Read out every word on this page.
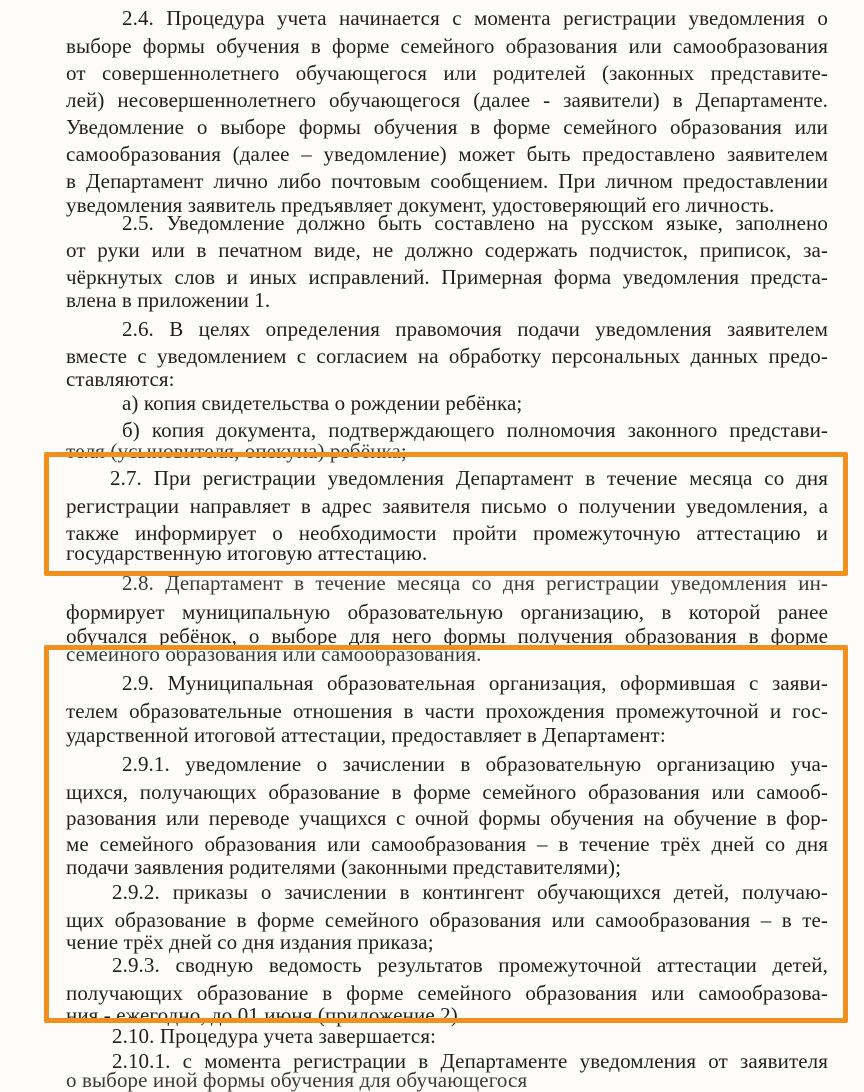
2.4. Процедура учета начинается с момента регистрации уведомления о
выборе формы обучения в форме семейного образования или самообразования
от совершеннолетнего обучающегося или родителей (законных представите-
лей) несовершеннолетнего обучающегося (далее - заявители) в Департаменте.
Уведомление о выборе формы обучения в форме семейного образования или
самообразования (далее – уведомление) может быть предоставлено заявителем
в Департамент лично либо почтовым сообщением. При личном предоставлении
уведомления заявитель предъявляет документ, удостоверяющий его личность.
2.5. Уведомление должно быть составлено на русском языке, заполнено
от руки или в печатном виде, не должно содержать подчисток, приписок, за-
чёркнутых слов и иных исправлений. Примерная форма уведомления предста-
влена в приложении 1.
2.6. В целях определения правомочия подачи уведомления заявителем
вместе с уведомлением с согласием на обработку персональных данных предо-
ставляются:
а) копия свидетельства о рождении ребёнка;
б) копия документа, подтверждающего полномочия законного представи-
теля (усыновителя, опекуна) ребёнка;
2.7. При регистрации уведомления Департамент в течение месяца со дня
регистрации направляет в адрес заявителя письмо о получении уведомления, а
также информирует о необходимости пройти промежуточную аттестацию и
государственную итоговую аттестацию.
2.8. Департамент в течение месяца со дня регистрации уведомления ин-
формирует муниципальную образовательную организацию, в которой ранее
обучался ребёнок, о выборе для него формы получения образования в форме
семейного образования или самообразования.
2.9. Муниципальная образовательная организация, оформившая с заяви-
телем образовательные отношения в части прохождения промежуточной и гос-
ударственной итоговой аттестации, предоставляет в Департамент:
2.9.1. уведомление о зачислении в образовательную организацию уча-
щихся, получающих образование в форме семейного образования или самооб-
разования или переводе учащихся с очной формы обучения на обучение в фор-
ме семейного образования или самообразования – в течение трёх дней со дня
подачи заявления родителями (законными представителями);
2.9.2. приказы о зачислении в контингент обучающихся детей, получаю-
щих образование в форме семейного образования или самообразования – в те-
чение трёх дней со дня издания приказа;
2.9.3. сводную ведомость результатов промежуточной аттестации детей,
получающих образование в форме семейного образования или самообразова-
ния - ежегодно, до 01 июня (приложение 2).
2.10. Процедура учета завершается:
2.10.1. с момента регистрации в Департаменте уведомления от заявителя
о выборе иной формы обучения для обучающегося
